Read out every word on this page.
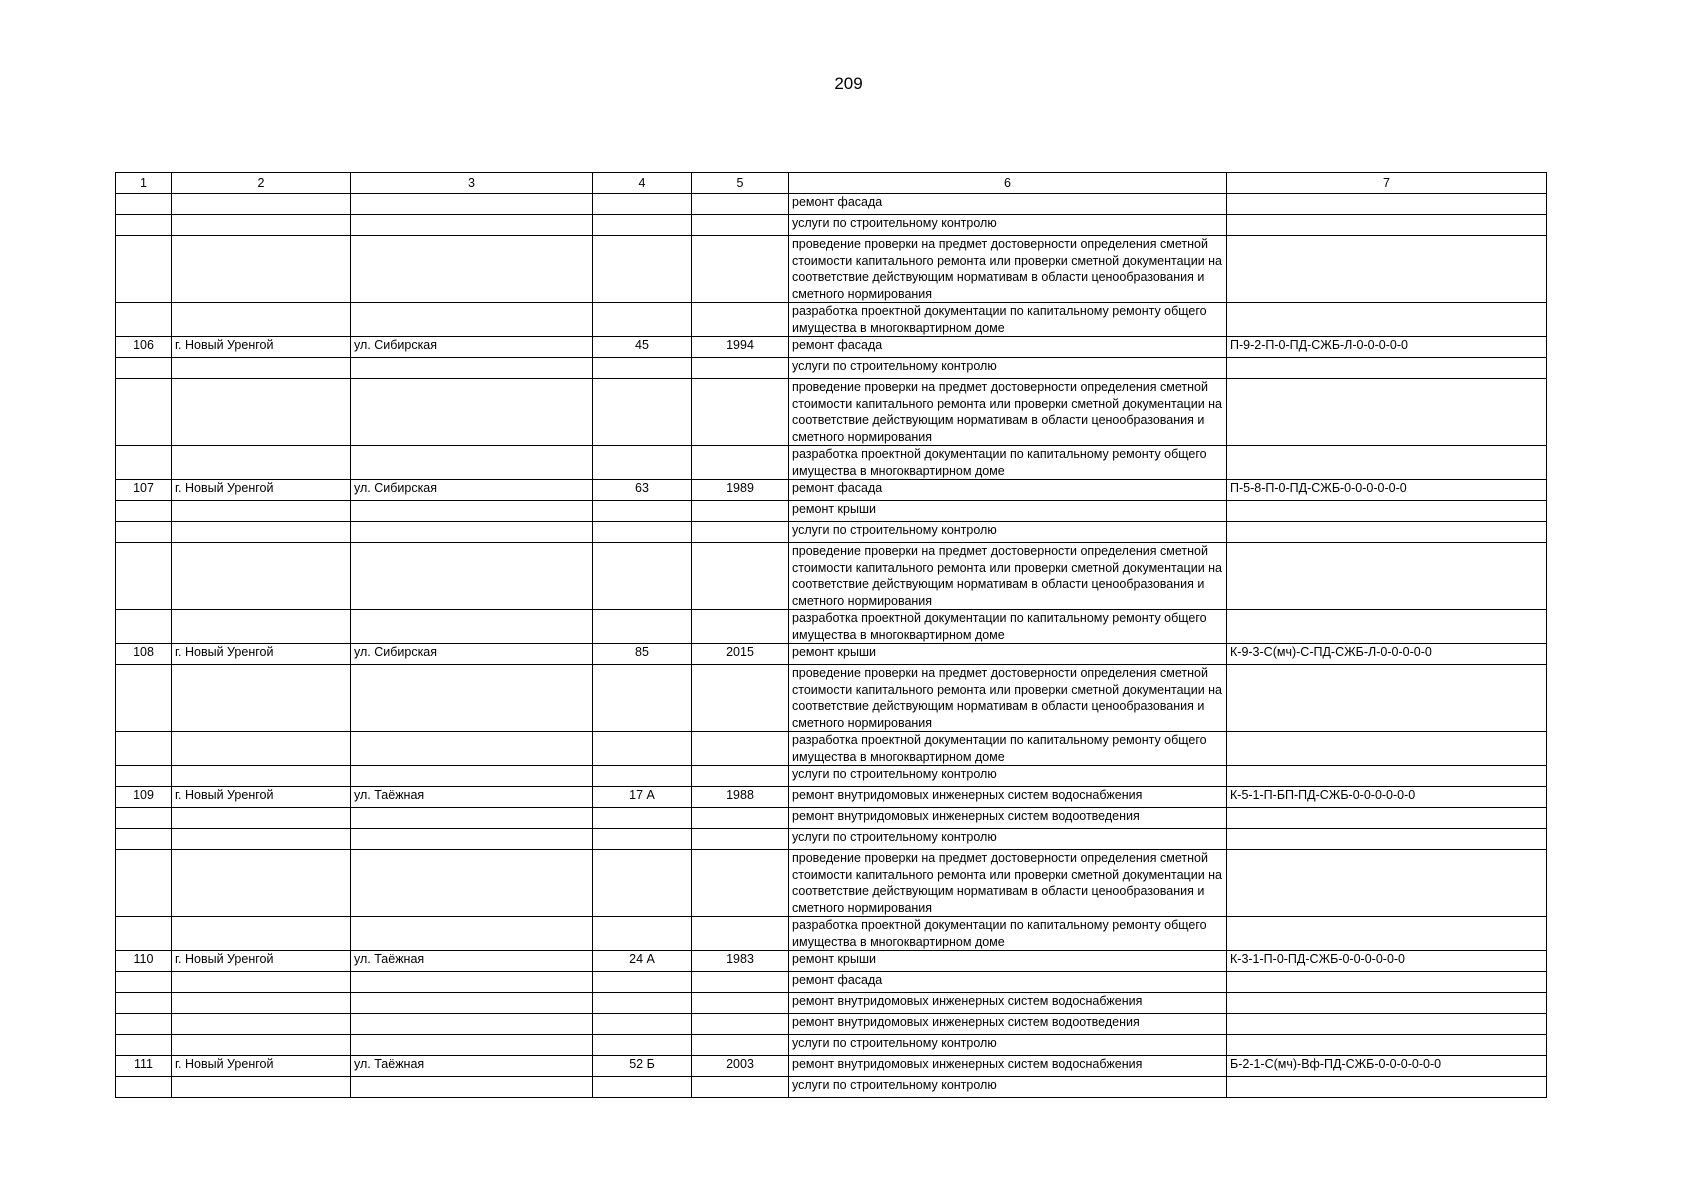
209
1	2	3	4	5	6	7
					ремонт фасада	
					услуги по строительному контролю	
					проведение проверки на предмет достоверности определения сметной стоимости капитального ремонта или проверки сметной документации на соответствие действующим нормативам в области ценообразования и сметного нормирования	
					разработка проектной документации по капитальному ремонту общего имущества в многоквартирном доме	
106	г. Новый Уренгой	ул. Сибирская	45	1994	ремонт фасада	П-9-2-П-0-ПД-СЖБ-Л-0-0-0-0-0
					услуги по строительному контролю	
					проведение проверки на предмет достоверности определения сметной стоимости капитального ремонта или проверки сметной документации на соответствие действующим нормативам в области ценообразования и сметного нормирования	
					разработка проектной документации по капитальному ремонту общего имущества в многоквартирном доме	
107	г. Новый Уренгой	ул. Сибирская	63	1989	ремонт фасада	П-5-8-П-0-ПД-СЖБ-0-0-0-0-0-0
					ремонт крыши	
					услуги по строительному контролю	
					проведение проверки на предмет достоверности определения сметной стоимости капитального ремонта или проверки сметной документации на соответствие действующим нормативам в области ценообразования и сметного нормирования	
					разработка проектной документации по капитальному ремонту общего имущества в многоквартирном доме	
108	г. Новый Уренгой	ул. Сибирская	85	2015	ремонт крыши	К-9-3-С(мч)-С-ПД-СЖБ-Л-0-0-0-0-0
					проведение проверки на предмет достоверности определения сметной стоимости капитального ремонта или проверки сметной документации на соответствие действующим нормативам в области ценообразования и сметного нормирования	
					разработка проектной документации по капитальному ремонту общего имущества в многоквартирном доме	
					услуги по строительному контролю	
109	г. Новый Уренгой	ул. Таёжная	17 А	1988	ремонт внутридомовых инженерных систем водоснабжения	К-5-1-П-БП-ПД-СЖБ-0-0-0-0-0-0
					ремонт внутридомовых инженерных систем водоотведения	
					услуги по строительному контролю	
					проведение проверки на предмет достоверности определения сметной стоимости капитального ремонта или проверки сметной документации на соответствие действующим нормативам в области ценообразования и сметного нормирования	
					разработка проектной документации по капитальному ремонту общего имущества в многоквартирном доме	
110	г. Новый Уренгой	ул. Таёжная	24 А	1983	ремонт крыши	К-3-1-П-0-ПД-СЖБ-0-0-0-0-0-0
					ремонт фасада	
					ремонт внутридомовых инженерных систем водоснабжения	
					ремонт внутридомовых инженерных систем водоотведения	
					услуги по строительному контролю	
111	г. Новый Уренгой	ул. Таёжная	52 Б	2003	ремонт внутридомовых инженерных систем водоснабжения	Б-2-1-С(мч)-Вф-ПД-СЖБ-0-0-0-0-0-0
					услуги по строительному контролю	
